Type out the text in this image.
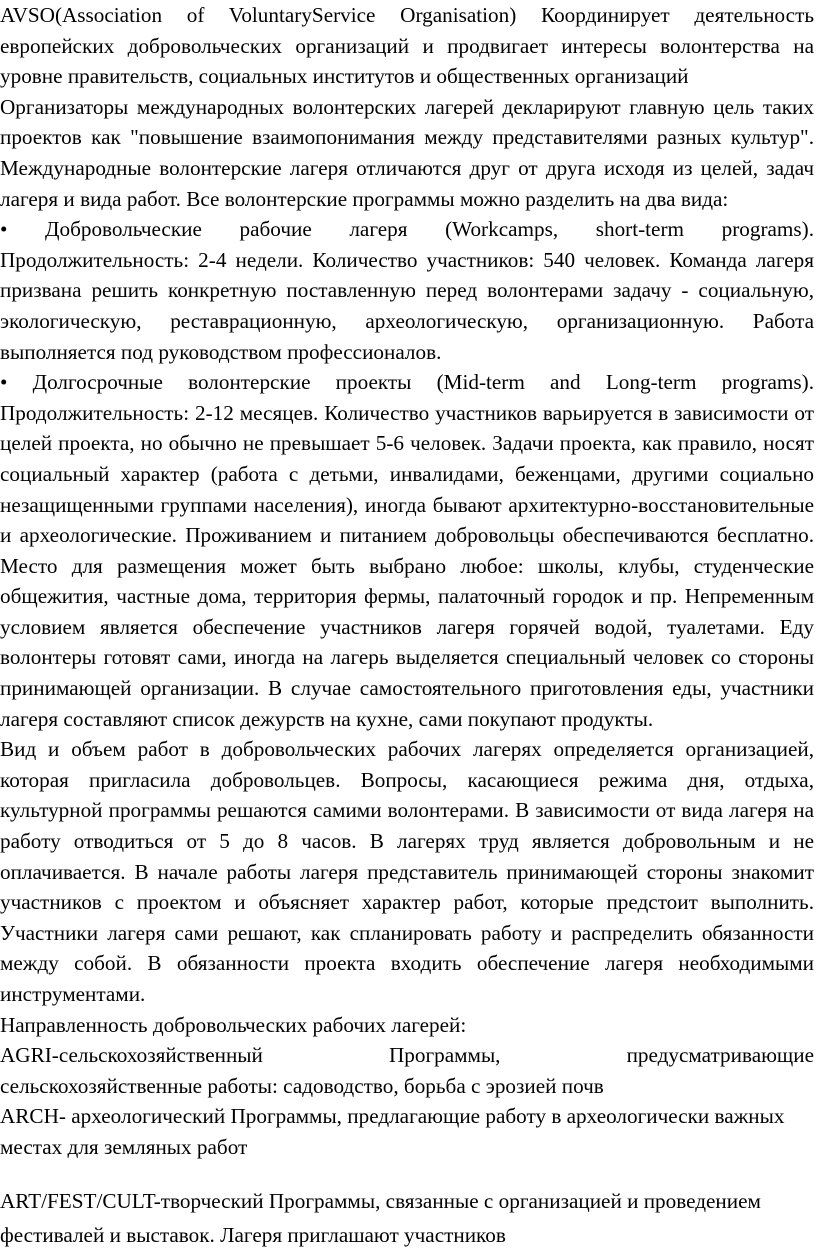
AVSO(Association of VoluntaryService Organisation) Координирует деятельность европейских добровольческих организаций и продвигает интересы волонтерства на уровне правительств, социальных институтов и общественных организаций

Организаторы международных волонтерских лагерей декларируют главную цель таких проектов как "повышение взаимопонимания между представителями разных культур". Международные волонтерские лагеря отличаются друг от друга исходя из целей, задач лагеря и вида работ. Все волонтерские программы можно разделить на два вида:

• Добровольческие рабочие лагеря (Workcamps, short-term programs). Продолжительность: 2-4 недели. Количество участников: 540 человек. Команда лагеря призвана решить конкретную поставленную перед волонтерами задачу - социальную, экологическую, реставрационную, археологическую, организационную. Работа выполняется под руководством профессионалов.

• Долгосрочные волонтерские проекты (Mid-term and Long-term programs). Продолжительность: 2-12 месяцев. Количество участников варьируется в зависимости от целей проекта, но обычно не превышает 5-6 человек. Задачи проекта, как правило, носят социальный характер (работа с детьми, инвалидами, беженцами, другими социально незащищенными группами населения), иногда бывают архитектурно-восстановительные и археологические. Проживанием и питанием добровольцы обеспечиваются бесплатно. Место для размещения может быть выбрано любое: школы, клубы, студенческие общежития, частные дома, территория фермы, палаточный городок и пр. Непременным условием является обеспечение участников лагеря горячей водой, туалетами. Еду волонтеры готовят сами, иногда на лагерь выделяется специальный человек со стороны принимающей организации. В случае самостоятельного приготовления еды, участники лагеря составляют список дежурств на кухне, сами покупают продукты.

Вид и объем работ в добровольческих рабочих лагерях определяется организацией, которая пригласила добровольцев. Вопросы, касающиеся режима дня, отдыха, культурной программы решаются самими волонтерами. В зависимости от вида лагеря на работу отводиться от 5 до 8 часов. В лагерях труд является добровольным и не оплачивается. В начале работы лагеря представитель принимающей стороны знакомит участников с проектом и объясняет характер работ, которые предстоит выполнить. Участники лагеря сами решают, как спланировать работу и распределить обязанности между собой. В обязанности проекта входить обеспечение лагеря необходимыми инструментами.

Направленность добровольческих рабочих лагерей:

AGRI-сельскохозяйственный	Программы,	предусматривающие

сельскохозяйственные работы: садоводство, борьба с эрозией почв

ARCH- археологический Программы, предлагающие работу в археологически важных местах для земляных работ

ART/FEST/CULT-творческий Программы, связанные с организацией и проведением фестивалей и выставок. Лагеря приглашают участников
